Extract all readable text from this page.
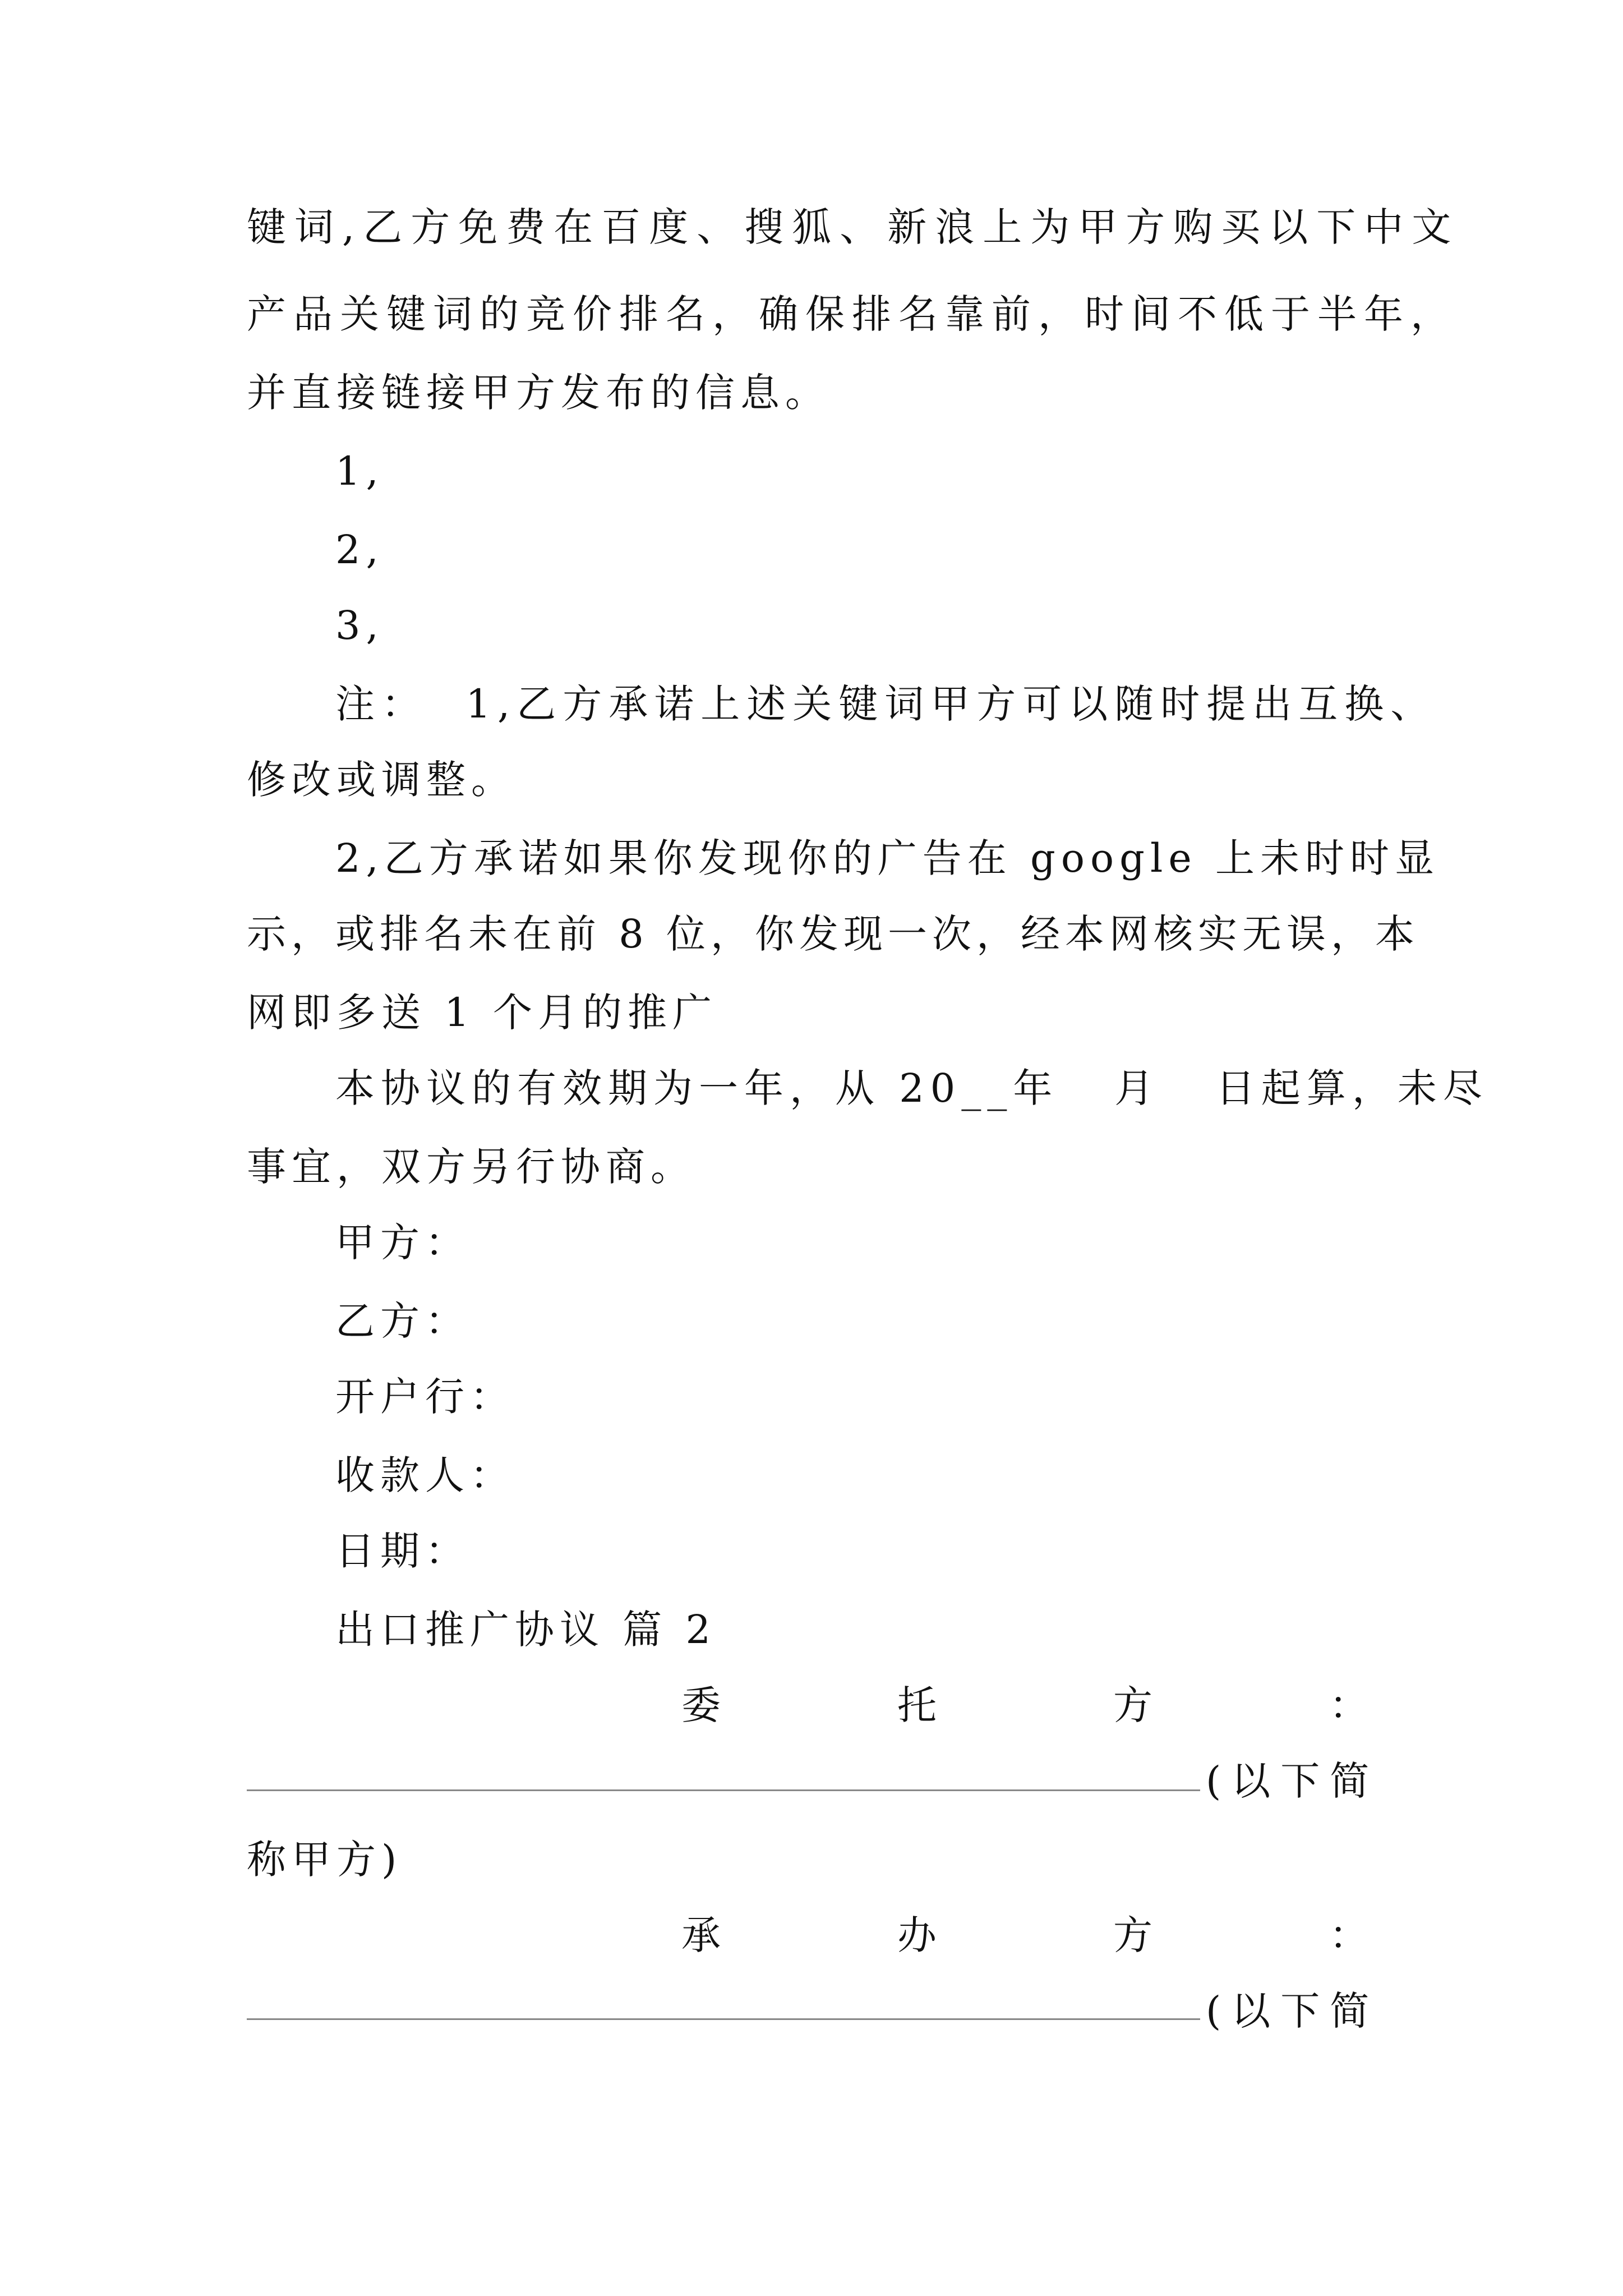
键词,乙方免费在百度、搜狐、新浪上为甲方购买以下中文
产品关键词的竞价排名，确保排名靠前，时间不低于半年，
并直接链接甲方发布的信息。
1,
2,
3,
注：  1,乙方承诺上述关键词甲方可以随时提出互换、
修改或调整。
2,乙方承诺如果你发现你的广告在 google 上未时时显
示，或排名未在前 8 位，你发现一次，经本网核实无误，本
网即多送 1 个月的推广
本协议的有效期为一年，从 20__年   月   日起算，未尽
事宜，双方另行协商。
甲方：
乙方：
开户行：
收款人：
日期：
出口推广协议 篇 2
委	托	方	：
(以下简
称甲方)
承	办	方	：
(以下简
